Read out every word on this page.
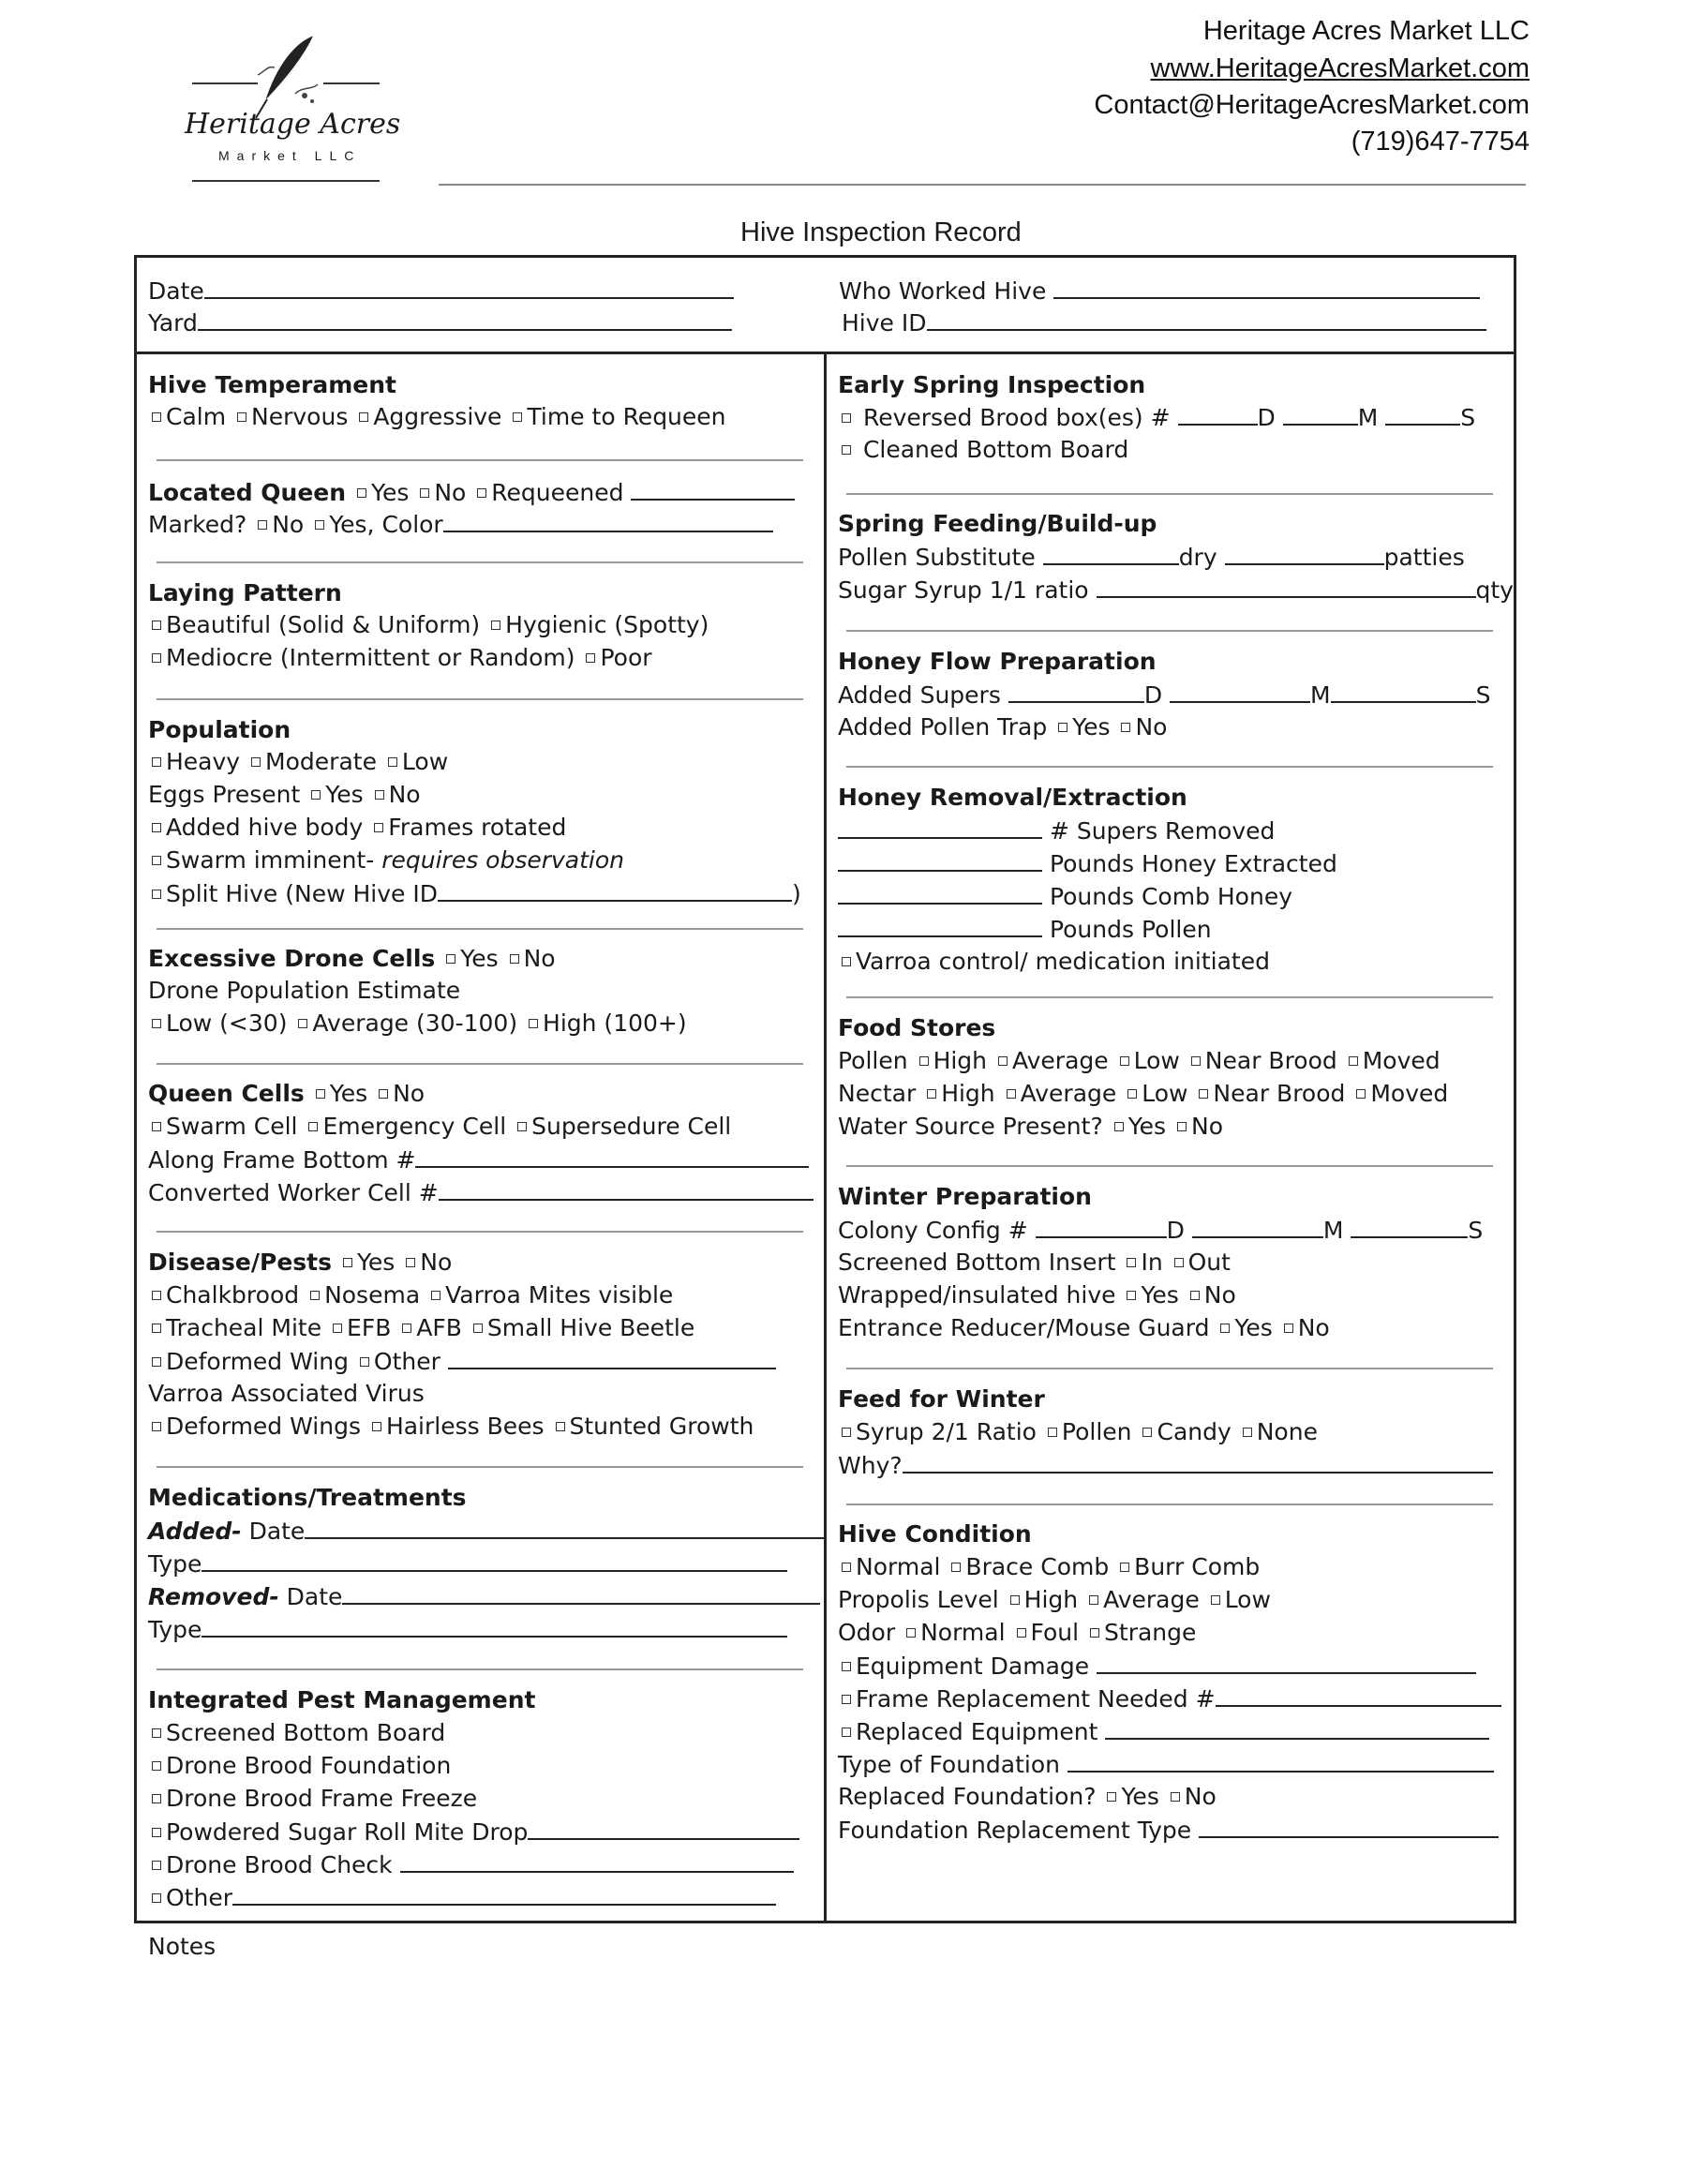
Heritage Acres
Market LLC
Heritage Acres Market LLC
www.HeritageAcresMarket.com
Contact@HeritageAcresMarket.com
(719)647-7754
Hive Inspection Record
Date
Yard
Who Worked Hive
Hive ID
Hive Temperament
Calm Nervous Aggressive Time to Requeen
Located Queen Yes No Requeened
Marked? No Yes, Color
Laying Pattern
Beautiful (Solid & Uniform) Hygienic (Spotty)
Mediocre (Intermittent or Random) Poor
Population
Heavy Moderate Low
Eggs Present Yes No
Added hive body Frames rotated
Swarm imminent- requires observation
Split Hive (New Hive ID	)
Excessive Drone Cells Yes No
Drone Population Estimate
Low (<30) Average (30-100) High (100+)
Queen Cells Yes No
Swarm Cell Emergency Cell Supersedure Cell
Along Frame Bottom #
Converted Worker Cell #
Disease/Pests Yes No
Chalkbrood Nosema Varroa Mites visible
Tracheal Mite EFB AFB Small Hive Beetle
Deformed Wing Other
Varroa Associated Virus
Deformed Wings Hairless Bees Stunted Growth
Medications/Treatments
Added- Date
Type
Removed- Date
Type
Integrated Pest Management
Screened Bottom Board
Drone Brood Foundation
Drone Brood Frame Freeze
Powdered Sugar Roll Mite Drop
Drone Brood Check
Other
Early Spring Inspection
Reversed Brood box(es) #	D	M	S
Cleaned Bottom Board
Spring Feeding/Build-up
Pollen Substitute	dry	patties
Sugar Syrup 1/1 ratio	qty
Honey Flow Preparation
Added Supers	D	M	S
Added Pollen Trap Yes No
Honey Removal/Extraction
# Supers Removed
Pounds Honey Extracted
Pounds Comb Honey
Pounds Pollen
Varroa control/ medication initiated
Food Stores
Pollen High Average Low Near Brood Moved
Nectar High Average Low Near Brood Moved
Water Source Present? Yes No
Winter Preparation
Colony Config #	D	M	S
Screened Bottom Insert In Out
Wrapped/insulated hive Yes No
Entrance Reducer/Mouse Guard Yes No
Feed for Winter
Syrup 2/1 Ratio Pollen Candy None
Why?
Hive Condition
Normal Brace Comb Burr Comb
Propolis Level High Average Low
Odor Normal Foul Strange
Equipment Damage
Frame Replacement Needed #
Replaced Equipment
Type of Foundation
Replaced Foundation? Yes No
Foundation Replacement Type
Notes
